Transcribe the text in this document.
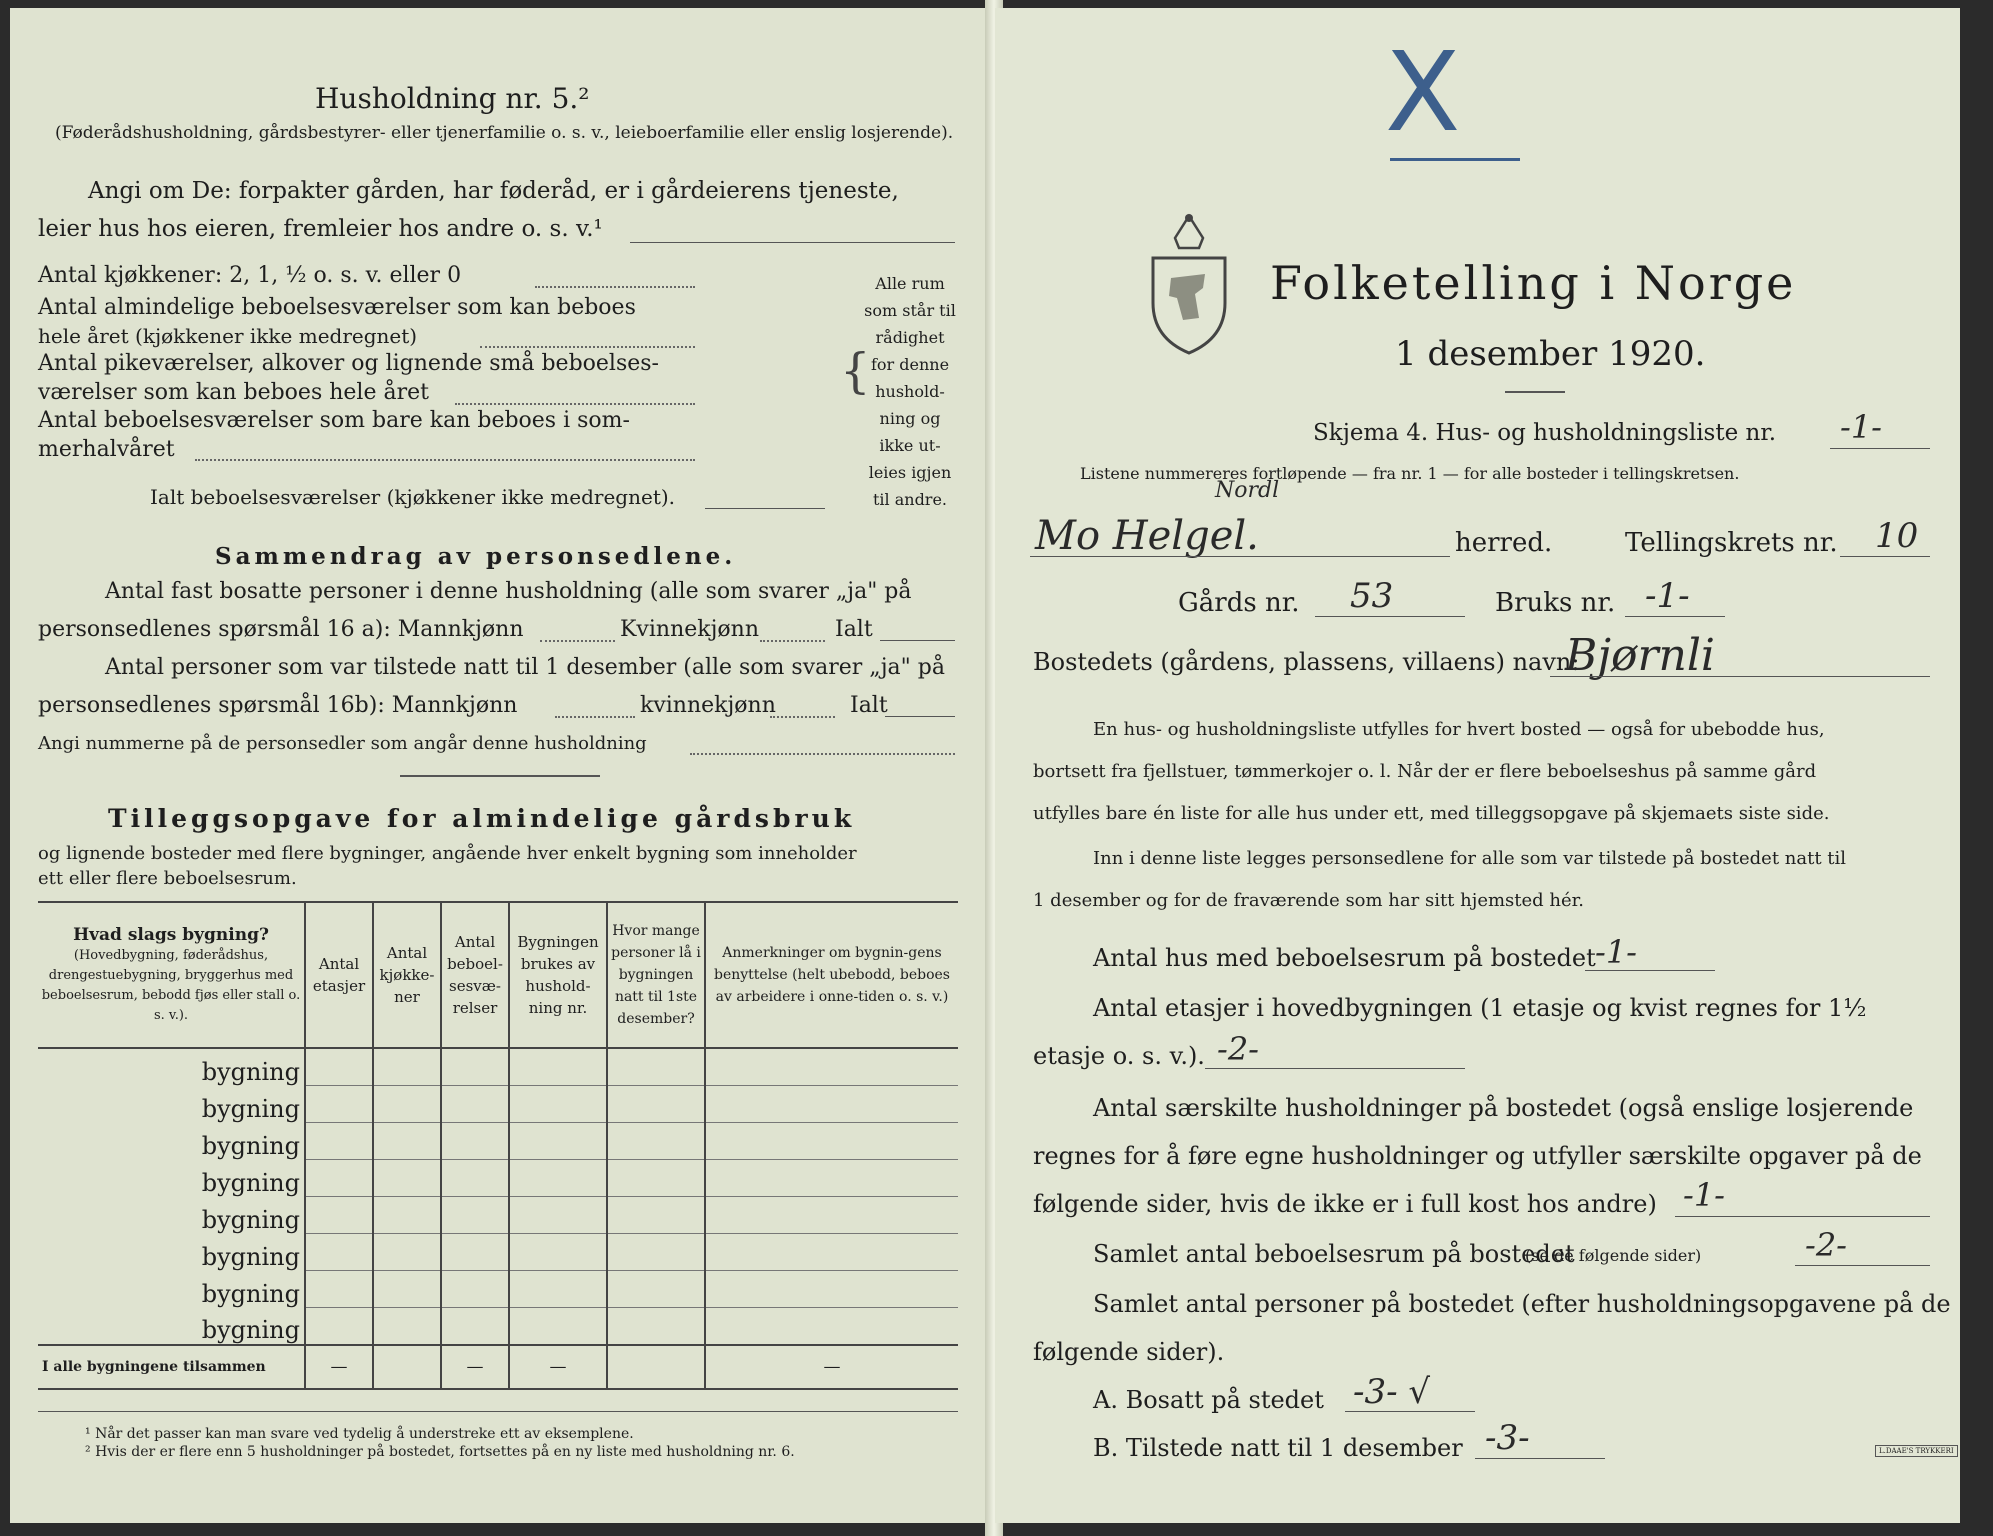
Husholdning nr. 5.²
(Føderådshusholdning, gårdsbestyrer- eller tjenerfamilie o. s. v., leieboerfamilie eller enslig losjerende).
Angi om De: forpakter gården, har føderåd, er i gårdeierens tjeneste,
leier hus hos eieren, fremleier hos andre o. s. v.¹
Antal kjøkkener: 2, 1, ½ o. s. v. eller 0
Antal almindelige beboelsesværelser som kan beboes
hele året (kjøkkener ikke medregnet)
Antal pikeværelser, alkover og lignende små beboelses-
værelser som kan beboes hele året
Antal beboelsesværelser som bare kan beboes i som-
merhalvåret
Ialt beboelsesværelser (kjøkkener ikke medregnet).
{
Alle rum
som står til
rådighet
for denne
hushold-
ning og
ikke ut-
leies igjen
til andre.
Sammendrag av personsedlene.
Antal fast bosatte personer i denne husholdning (alle som svarer „ja" på
personsedlenes spørsmål 16 a): Mannkjønn	Kvinnekjønn	Ialt
Antal personer som var tilstede natt til 1 desember (alle som svarer „ja" på
personsedlenes spørsmål 16b): Mannkjønn	kvinnekjønn	Ialt
Angi nummerne på de personsedler som angår denne husholdning
Tilleggsopgave for almindelige gårdsbruk
og lignende bosteder med flere bygninger, angående hver enkelt bygning som inneholder
ett eller flere beboelsesrum.
Hvad slags bygning?
(Hovedbygning, føderådshus, drengestuebygning, bryggerhus med beboelsesrum, bebodd fjøs eller stall o. s. v.).	Antal etasjer	Antal kjøkke-ner	Antal beboel-sesvæ-relser	Bygningen brukes av hushold-ning nr.	Hvor mange personer lå i bygningen natt til 1ste desember?	Anmerkninger om bygnin-gens benyttelse (helt ubebodd, beboes av arbeidere i onne-tiden o. s. v.)
bygning						
bygning						
bygning						
bygning						
bygning						
bygning						
bygning						
bygning						
I alle bygningene tilsammen	—		—	—		—
¹ Når det passer kan man svare ved tydelig å understreke ett av eksemplene.
² Hvis der er flere enn 5 husholdninger på bostedet, fortsettes på en ny liste med husholdning nr. 6.
X
Folketelling i Norge
1 desember 1920.
Skjema 4. Hus- og husholdningsliste nr. -1-
Listene nummereres fortløpende — fra nr. 1 — for alle bosteder i tellingskretsen.
Nordl
Mo Helgel.	herred.	Tellingskrets nr. 10
Gårds nr. 53	Bruks nr. -1-
Bostedets (gårdens, plassens, villaens) navn:
Bjørnli
En hus- og husholdningsliste utfylles for hvert bosted — også for ubebodde hus,
bortsett fra fjellstuer, tømmerkojer o. l. Når der er flere beboelseshus på samme gård
utfylles bare én liste for alle hus under ett, med tilleggsopgave på skjemaets siste side.
Inn i denne liste legges personsedlene for alle som var tilstede på bostedet natt til
1 desember og for de fraværende som har sitt hjemsted hér.
Antal hus med beboelsesrum på bostedet -1-
Antal etasjer i hovedbygningen (1 etasje og kvist regnes for 1½
etasje o. s. v.). -2-
Antal særskilte husholdninger på bostedet (også enslige losjerende
regnes for å føre egne husholdninger og utfyller særskilte opgaver på de
følgende sider, hvis de ikke er i full kost hos andre) -1-
Samlet antal beboelsesrum på bostedet
(se de følgende sider)	-2-
Samlet antal personer på bostedet (efter husholdningsopgavene på de
følgende sider).
A. Bosatt på stedet -3- √
B. Tilstede natt til 1 desember -3-	L.DAAE'S TRYKKERI
